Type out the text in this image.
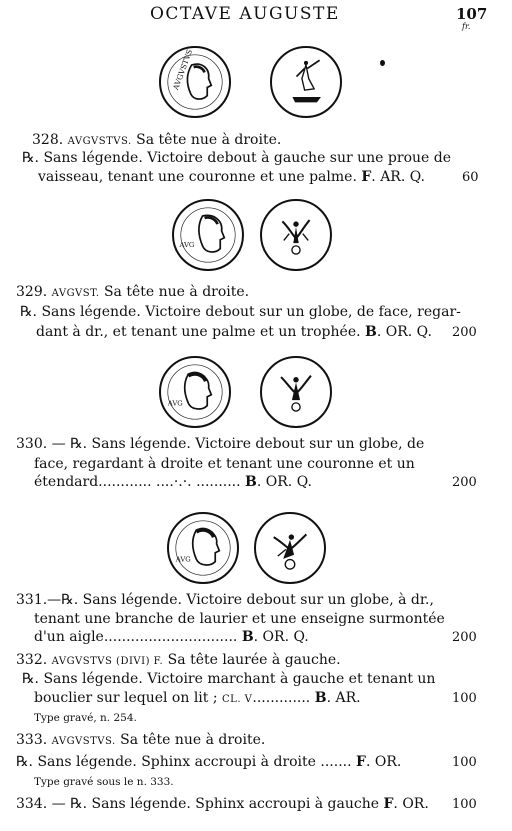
OCTAVE AUGUSTE	107
fr.
AVGVSTVS
328. AVGVSTVS. Sa tête nue à droite.
℞. Sans légende. Victoire debout à gauche sur une proue de
vaisseau, tenant une couronne et une palme. F. AR. Q.	60
AVG
329. AVGVST. Sa tête nue à droite.
℞. Sans légende. Victoire debout sur un globe, de face, regar-
dant à dr., et tenant une palme et un trophée. B. OR. Q. 200
AVG
330. — ℞. Sans légende. Victoire debout sur un globe, de
face, regardant à droite et tenant une couronne et un
étendard............ ....·.·. .......... B. OR. Q.	200
AVG
331.—℞. Sans légende. Victoire debout sur un globe, à dr.,
tenant une branche de laurier et une enseigne surmontée
d'un aigle.............................. B. OR. Q.	200
332. AVGVSTVS (DIVI) F. Sa tête laurée à gauche.
℞. Sans légende. Victoire marchant à gauche et tenant un
bouclier sur lequel on lit ; CL. V............. B. AR.	100
Type gravé, n. 254.
333. AVGVSTVS. Sa tête nue à droite.
℞. Sans légende. Sphinx accroupi à droite ....... F. OR.	100
Type gravé sous le n. 333.
334. — ℞. Sans légende. Sphinx accroupi à gauche F. OR. 100
